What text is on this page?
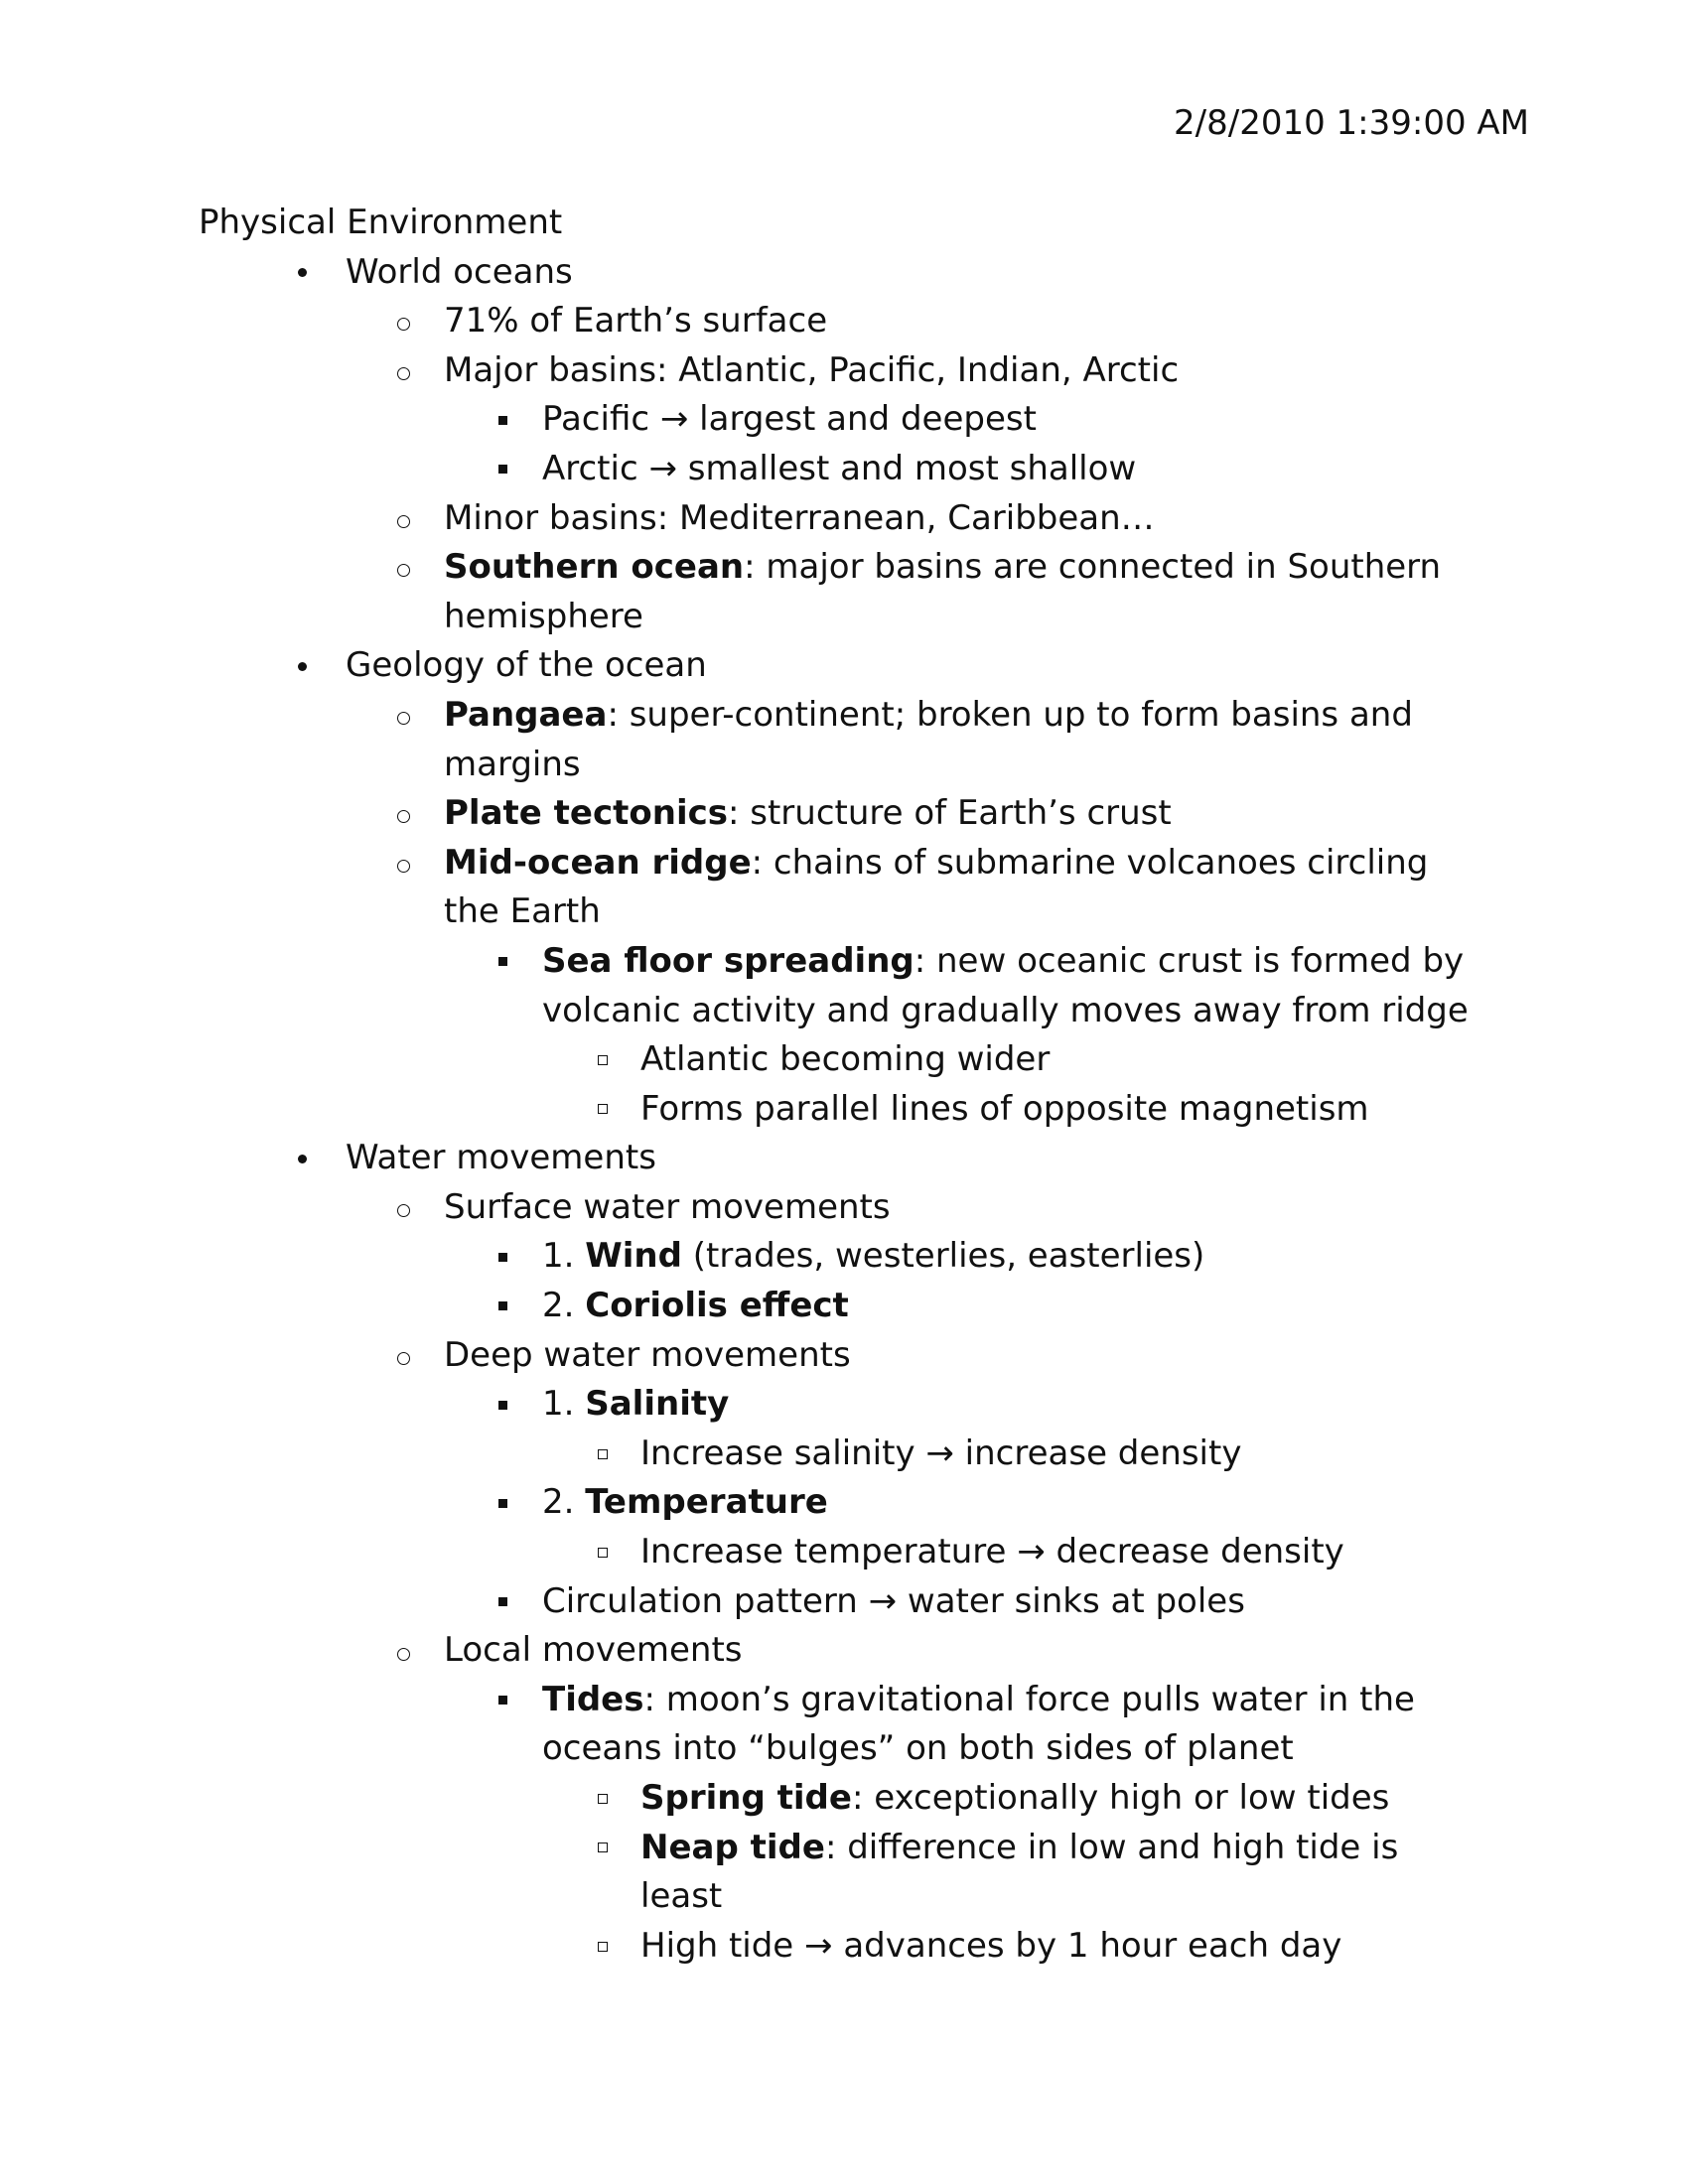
2/8/2010 1:39:00 AM
Physical Environment
World oceans
71% of Earth’s surface
Major basins: Atlantic, Pacific, Indian, Arctic
Pacific → largest and deepest
Arctic → smallest and most shallow
Minor basins: Mediterranean, Caribbean…
Southern ocean: major basins are connected in Southern hemisphere
Geology of the ocean
Pangaea: super-continent; broken up to form basins and margins
Plate tectonics: structure of Earth’s crust
Mid-ocean ridge: chains of submarine volcanoes circling the Earth
Sea floor spreading: new oceanic crust is formed by volcanic activity and gradually moves away from ridge
Atlantic becoming wider
Forms parallel lines of opposite magnetism
Water movements
Surface water movements
1. Wind (trades, westerlies, easterlies)
2. Coriolis effect
Deep water movements
1. Salinity
Increase salinity → increase density
2. Temperature
Increase temperature → decrease density
Circulation pattern → water sinks at poles
Local movements
Tides: moon’s gravitational force pulls water in the oceans into “bulges” on both sides of planet
Spring tide: exceptionally high or low tides
Neap tide: difference in low and high tide is least
High tide → advances by 1 hour each day
